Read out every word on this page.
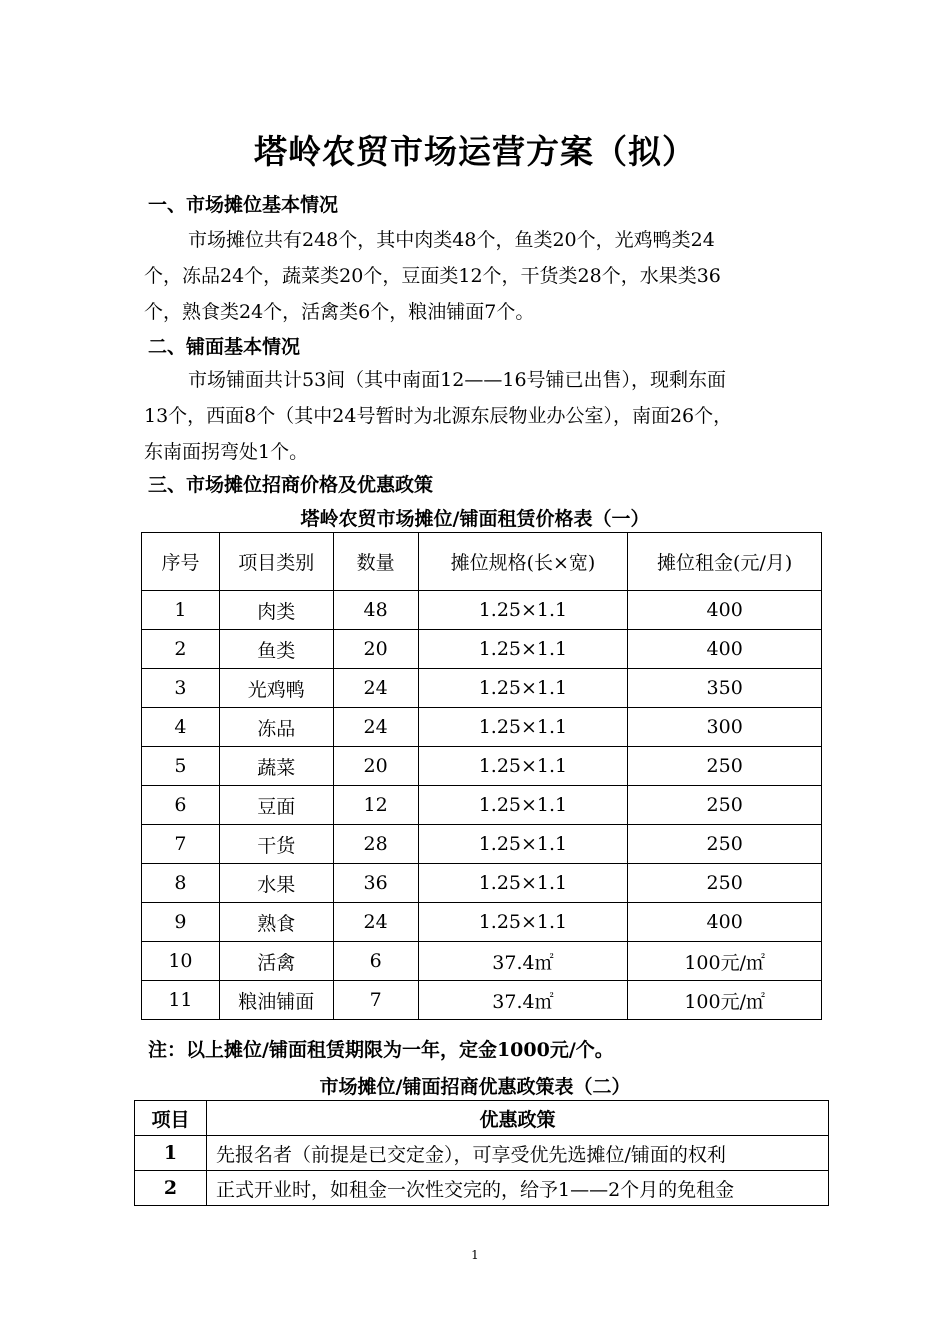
塔岭农贸市场运营方案（拟）
一、市场摊位基本情况
市场摊位共有248个，其中肉类48个，鱼类20个，光鸡鸭类24
个，冻品24个，蔬菜类20个，豆面类12个，干货类28个，水果类36
个，熟食类24个，活禽类6个，粮油铺面7个。
二、铺面基本情况
市场铺面共计53间（其中南面12——16号铺已出售），现剩东面
13个，西面8个（其中24号暂时为北源东辰物业办公室），南面26个，
东南面拐弯处1个。
三、市场摊位招商价格及优惠政策
塔岭农贸市场摊位/铺面租赁价格表（一）
序号	项目类别	数量	摊位规格(长×宽)	摊位租金(元/月)
1	肉类	48	1.25×1.1	400
2	鱼类	20	1.25×1.1	400
3	光鸡鸭	24	1.25×1.1	350
4	冻品	24	1.25×1.1	300
5	蔬菜	20	1.25×1.1	250
6	豆面	12	1.25×1.1	250
7	干货	28	1.25×1.1	250
8	水果	36	1.25×1.1	250
9	熟食	24	1.25×1.1	400
10	活禽	6	37.4㎡	100元/㎡
11	粮油铺面	7	37.4㎡	100元/㎡
注：以上摊位/铺面租赁期限为一年，定金1000元/个。
市场摊位/铺面招商优惠政策表（二）
项目	优惠政策
1	先报名者（前提是已交定金），可享受优先选摊位/铺面的权利
2	正式开业时，如租金一次性交完的，给予1——2个月的免租金
1
